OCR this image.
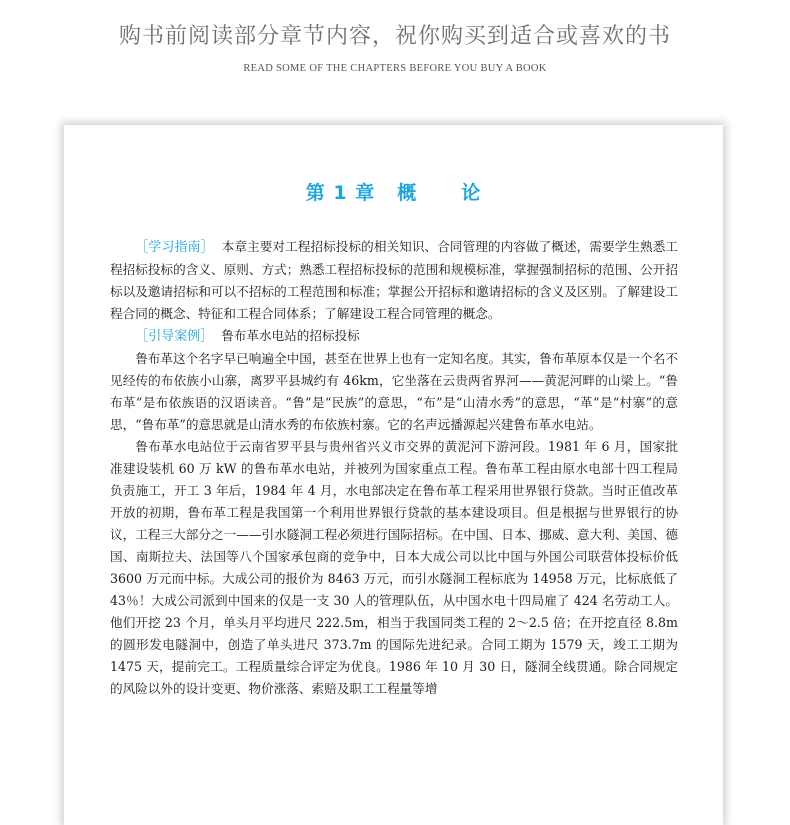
购书前阅读部分章节内容，祝你购买到适合或喜欢的书
READ SOME OF THE CHAPTERS BEFORE YOU BUY A BOOK
第 1 章 概 论

［学习指南］ 本章主要对工程招标投标的相关知识、合同管理的内容做了概述，需要学生熟悉工程招标投标的含义、原则、方式；熟悉工程招标投标的范围和规模标准，掌握强制招标的范围、公开招标以及邀请招标和可以不招标的工程范围和标准；掌握公开招标和邀请招标的含义及区别。了解建设工程合同的概念、特征和工程合同体系；了解建设工程合同管理的概念。

［引导案例］ 鲁布革水电站的招标投标

鲁布革这个名字早已响遍全中国，甚至在世界上也有一定知名度。其实，鲁布革原本仅是一个名不见经传的布依族小山寨，离罗平县城约有 46km，它坐落在云贵两省界河——黄泥河畔的山梁上。“鲁布革”是布依族语的汉语读音。“鲁”是“民族”的意思，“布”是“山清水秀”的意思，“革”是“村寨”的意思，“鲁布革”的意思就是山清水秀的布依族村寨。它的名声远播源起兴建鲁布革水电站。

鲁布革水电站位于云南省罗平县与贵州省兴义市交界的黄泥河下游河段。1981 年 6 月，国家批准建设装机 60 万 kW 的鲁布革水电站，并被列为国家重点工程。鲁布革工程由原水电部十四工程局负责施工，开工 3 年后，1984 年 4 月，水电部决定在鲁布革工程采用世界银行贷款。当时正值改革开放的初期，鲁布革工程是我国第一个利用世界银行贷款的基本建设项目。但是根据与世界银行的协议，工程三大部分之一——引水隧洞工程必须进行国际招标。在中国、日本、挪威、意大利、美国、德国、南斯拉夫、法国等八个国家承包商的竞争中，日本大成公司以比中国与外国公司联营体投标价低 3600 万元而中标。大成公司的报价为 8463 万元，而引水隧洞工程标底为 14958 万元，比标底低了 43％！大成公司派到中国来的仅是一支 30 人的管理队伍，从中国水电十四局雇了 424 名劳动工人。他们开挖 23 个月，单头月平均进尺 222.5m，相当于我国同类工程的 2～2.5 倍；在开挖直径 8.8m 的圆形发电隧洞中，创造了单头进尺 373.7m 的国际先进纪录。合同工期为 1579 天，竣工工期为 1475 天，提前完工。工程质量综合评定为优良。1986 年 10 月 30 日，隧洞全线贯通。除合同规定的风险以外的设计变更、物价涨落、索赔及职工工程量等增
